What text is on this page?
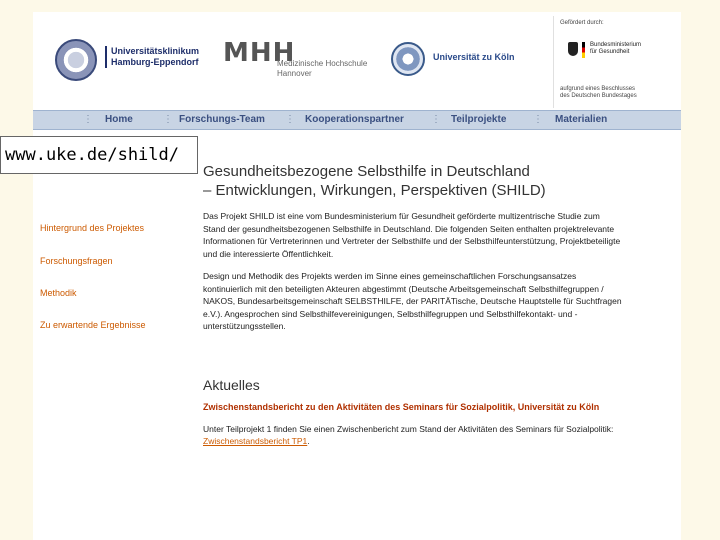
Universitätsklinikum
Hamburg-Eppendorf MHH
Medizinische Hochschule
Hannover
Universität zu Köln
Gefördert durch:
Bundesministerium
für Gesundheit
aufgrund eines Beschlusses
des Deutschen Bundestages
⋮ Home	⋮ Forschungs-Team ⋮ Kooperationspartner	⋮ Teilprojekte	⋮ Materialien
Hintergrund des Projektes
Forschungsfragen
Methodik
Zu erwartende Ergebnisse
Gesundheitsbezogene Selbsthilfe in Deutschland
– Entwicklungen, Wirkungen, Perspektiven (SHILD)
Das Projekt SHILD ist eine vom Bundesministerium für Gesundheit geförderte multizentrische Studie zum Stand der gesundheitsbezogenen Selbsthilfe in Deutschland. Die folgenden Seiten enthalten projektrelevante Informationen für Vertreterinnen und Vertreter der Selbsthilfe und der Selbsthilfeunterstützung, Projektbeteiligte und die interessierte Öffentlichkeit.
Design und Methodik des Projekts werden im Sinne eines gemeinschaftlichen Forschungsansatzes kontinuierlich mit den beteiligten Akteuren abgestimmt (Deutsche Arbeitsgemeinschaft Selbsthilfegruppen / NAKOS, Bundesarbeitsgemeinschaft SELBSTHILFE, der PARITÄTische, Deutsche Hauptstelle für Suchtfragen e.V.). Angesprochen sind Selbsthilfevereinigungen, Selbsthilfegruppen und Selbsthilfekontakt- und -unterstützungsstellen.
Aktuelles
Zwischenstandsbericht zu den Aktivitäten des Seminars für Sozialpolitik, Universität zu Köln
Unter Teilprojekt 1 finden Sie einen Zwischenbericht zum Stand der Aktivitäten des Seminars für Sozialpolitik: Zwischenstandsbericht TP1.
www.uke.de/shild/
